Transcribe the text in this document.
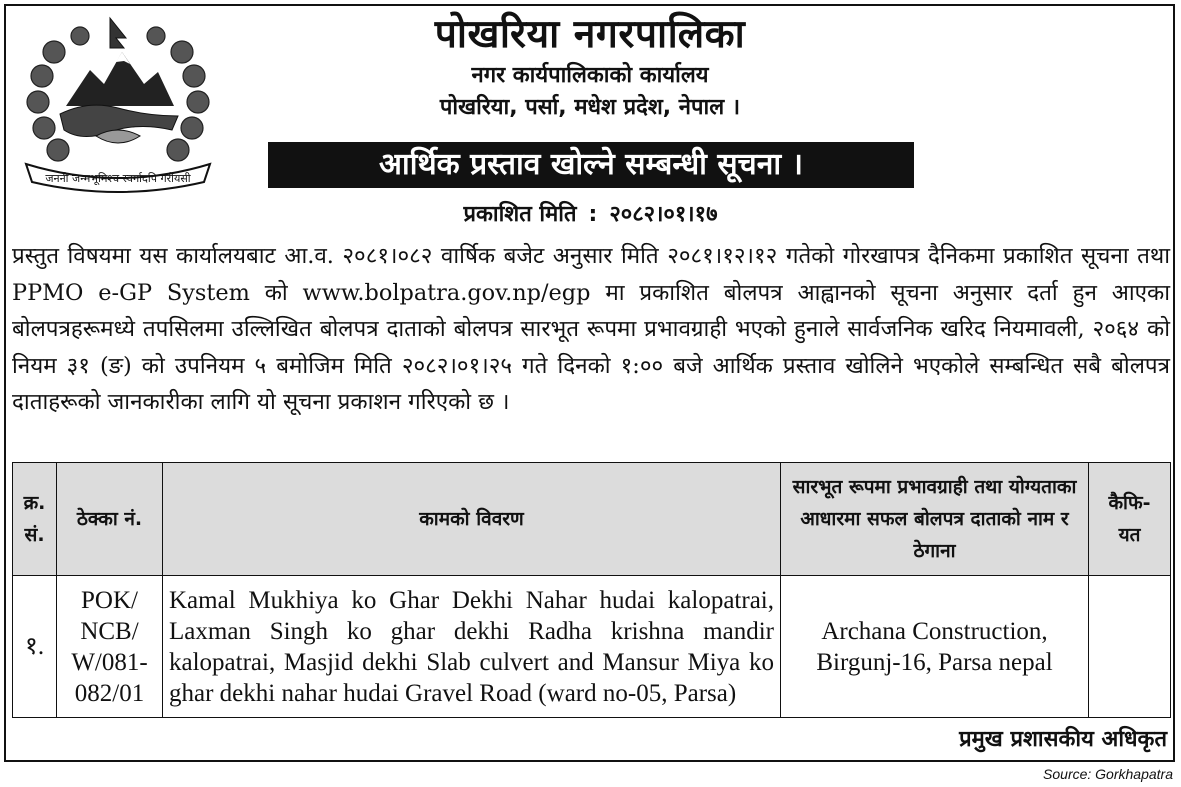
जननी जन्मभूमिश्च स्वर्गादपि गरीयसी
पोखरिया नगरपालिका
नगर कार्यपालिकाको कार्यालय
पोखरिया, पर्सा, मधेश प्रदेश, नेपाल ।
आर्थिक प्रस्ताव खोल्ने सम्बन्धी सूचना ।
प्रकाशित मिति : २०८२।०१।१७
प्रस्तुत विषयमा यस कार्यालयबाट आ.व. २०८१।०८२ वार्षिक बजेट अनुसार मिति २०८१।१२।१२ गतेको गोरखापत्र दैनिकमा प्रकाशित सूचना तथा PPMO e-GP System को www.bolpatra.gov.np/egp मा प्रकाशित बोलपत्र आह्वानको सूचना अनुसार दर्ता हुन आएका बोलपत्रहरूमध्ये तपसिलमा उल्लिखित बोलपत्र दाताको बोलपत्र सारभूत रूपमा प्रभावग्राही भएको हुनाले सार्वजनिक खरिद नियमावली, २०६४ को नियम ३१ (ङ) को उपनियम ५ बमोजिम मिति २०८२।०१।२५ गते दिनको १:०० बजे आर्थिक प्रस्ताव खोलिने भएकोले सम्बन्धित सबै बोलपत्र दाताहरूको जानकारीका लागि यो सूचना प्रकाशन गरिएको छ ।
क्र. सं.	ठेक्का नं.	कामको विवरण	सारभूत रूपमा प्रभावग्राही तथा योग्यताका आधारमा सफल बोलपत्र दाताको नाम र ठेगाना	कैफि- यत
१.	POK/ NCB/ W/081- 082/01	Kamal Mukhiya ko Ghar Dekhi Nahar hudai kalopatrai, Laxman Singh ko ghar dekhi Radha krishna mandir kalopatrai, Masjid dekhi Slab culvert and Mansur Miya ko ghar dekhi nahar hudai Gravel Road (ward no-05, Parsa)	Archana Construction, Birgunj-16, Parsa nepal	
प्रमुख प्रशासकीय अधिकृत
Source: Gorkhapatra
